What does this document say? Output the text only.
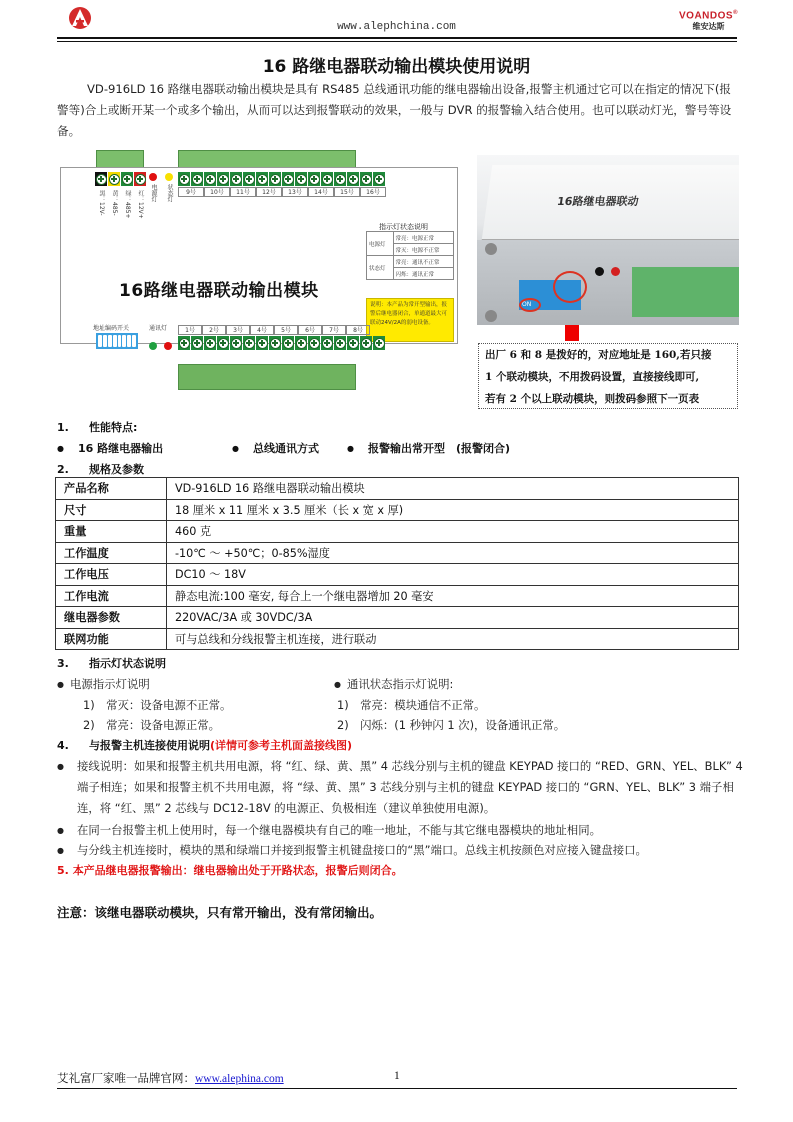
www.alephchina.com
VOANDOS®
维安达斯
16 路继电器联动输出模块使用说明
VD-916LD 16 路继电器联动输出模块是具有 RS485 总线通讯功能的继电器输出设备,报警主机通过它可以在指定的情况下(报警等)合上或断开某一个或多个输出，从而可以达到报警联动的效果，一般与 DVR 的报警输入结合使用。也可以联动灯光，警号等设备。
黑：12V- 黄：485- 绿：485+ 红：12V+ 电源灯 状态灯	9号	10号	11号	12号	13号	14号	15号	16号
16路继电器联动输出模块
指示灯状态说明
电源灯	常亮：电源正常
	常灭：电源不正常
状态灯	常亮：通讯不正常
	闪烁：通讯正常
说明：本产品为常开型输出，报警后继电器闭合，单通道最大可联动24V/2A的弱电设备。
地址编码开关	通讯灯	1号	2号	3号	4号	5号	6号	7号	8号
16路继电器联动
ON
出厂 6 和 8 是拨好的，对应地址是 160,若只接
1 个联动模块，不用拨码设置，直接接线即可,
若有 2 个以上联动模块，则拨码参照下一页表
1. 性能特点:
● 16 路继电器输出	● 总线通讯方式	● 报警输出常开型　(报警闭合)
2. 规格及参数
产品名称	VD-916LD 16 路继电器联动输出模块
尺寸	18 厘米 x 11 厘米 x 3.5 厘米（长 x 宽 x 厚)
重量	460 克
工作温度	-10℃ ～ +50℃；0-85%湿度
工作电压	DC10 ～ 18V
工作电流	静态电流:100 毫安, 每合上一个继电器增加 20 毫安
继电器参数	220VAC/3A 或 30VDC/3A
联网功能	可与总线和分线报警主机连接，进行联动
3. 指示灯状态说明
● 电源指示灯说明
1)　常灭：设备电源不正常。
2)　常亮：设备电源正常。
● 通讯状态指示灯说明:
1)　常亮：模块通信不正常。
2)　闪烁：(1 秒钟闪 1 次)，设备通讯正常。
4. 与报警主机连接使用说明(详情可参考主机面盖接线图)
● 接线说明：如果和报警主机共用电源，将 “红、绿、黄、黑” 4 芯线分别与主机的键盘 KEYPAD 接口的 “RED、GRN、YEL、BLK” 4 端子相连；如果和报警主机不共用电源，将 “绿、黄、黑” 3 芯线分别与主机的键盘 KEYPAD 接口的 “GRN、YEL、BLK” 3 端子相连，将 “红、黑” 2 芯线与 DC12-18V 的电源正、负极相连（建议单独使用电源)。
● 在同一台报警主机上使用时，每一个继电器模块有自己的唯一地址，不能与其它继电器模块的地址相同。
● 与分线主机连接时，模块的黑和绿端口并接到报警主机键盘接口的“黑”端口。总线主机按颜色对应接入键盘接口。
5. 本产品继电器报警输出：继电器输出处于开路状态，报警后则闭合。
注意：该继电器联动模块，只有常开输出，没有常闭输出。
艾礼富厂家唯一品牌官网：www.alephina.com	1
